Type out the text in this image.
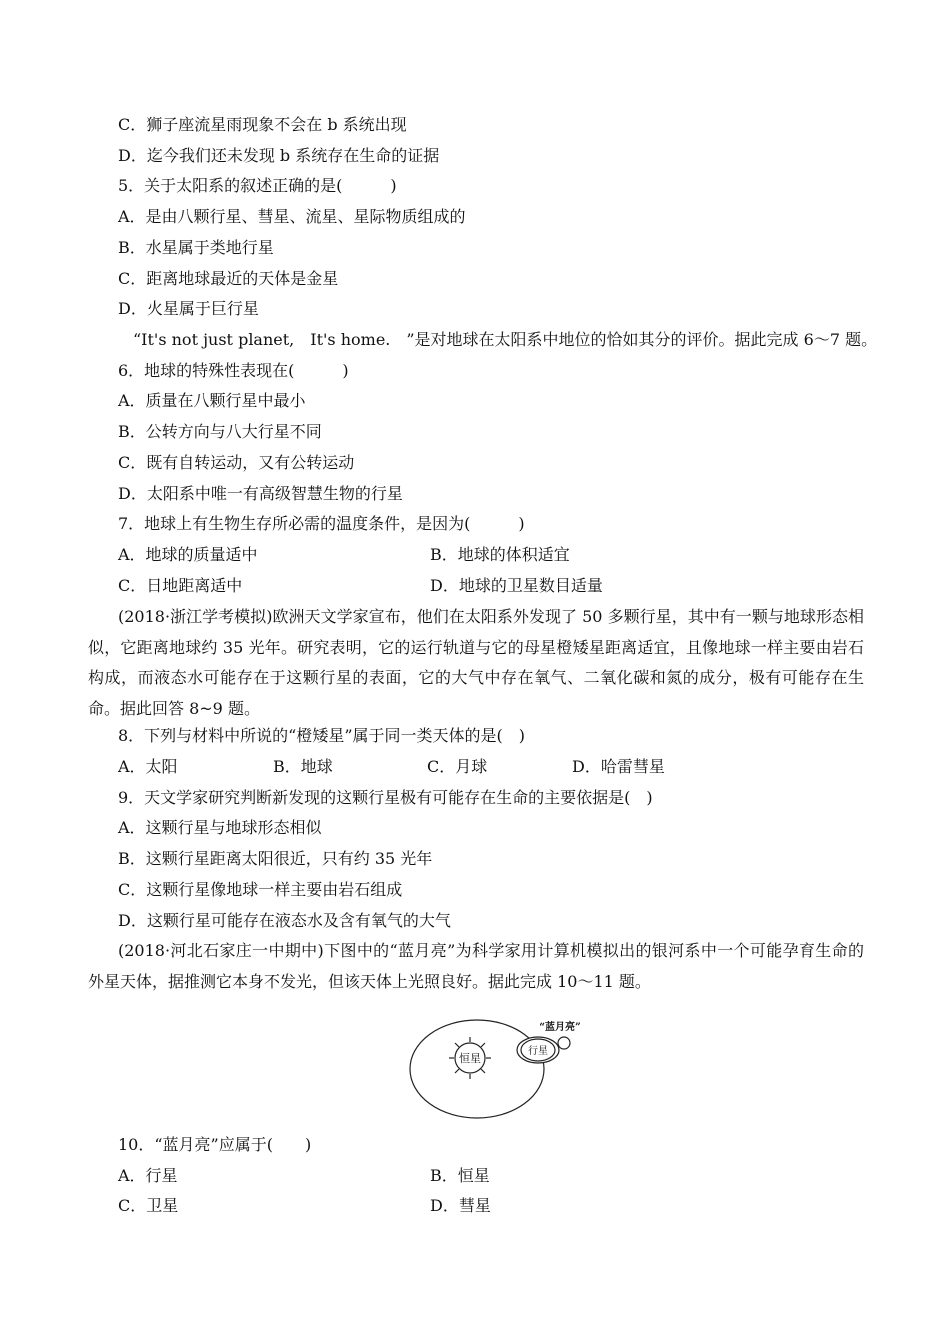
C．狮子座流星雨现象不会在 b 系统出现
D．迄今我们还未发现 b 系统存在生命的证据
5．关于太阳系的叙述正确的是(　　　)
A．是由八颗行星、彗星、流星、星际物质组成的
B．水星属于类地行星
C．距离地球最近的天体是金星
D．火星属于巨行星
“It's not just planet,　It's home.　”是对地球在太阳系中地位的恰如其分的评价。据此完成 6～7 题。
6．地球的特殊性表现在(　　　)
A．质量在八颗行星中最小
B．公转方向与八大行星不同
C．既有自转运动，又有公转运动
D．太阳系中唯一有高级智慧生物的行星
7．地球上有生物生存所必需的温度条件，是因为(　　　)
A．地球的质量适中	B．地球的体积适宜
C．日地距离适中	D．地球的卫星数目适量
(2018·浙江学考模拟)欧洲天文学家宣布，他们在太阳系外发现了 50 多颗行星，其中有一颗与地球形态相似，它距离地球约 35 光年。研究表明，它的运行轨道与它的母星橙矮星距离适宜，且像地球一样主要由岩石构成，而液态水可能存在于这颗行星的表面，它的大气中存在氧气、二氧化碳和氮的成分，极有可能存在生命。据此回答 8~9 题。
8．下列与材料中所说的“橙矮星”属于同一类天体的是(　)
A．太阳	B．地球	C．月球	D．哈雷彗星
9．天文学家研究判断新发现的这颗行星极有可能存在生命的主要依据是(　)
A．这颗行星与地球形态相似
B．这颗行星距离太阳很近，只有约 35 光年
C．这颗行星像地球一样主要由岩石组成
D．这颗行星可能存在液态水及含有氧气的大气
(2018·河北石家庄一中期中)下图中的“蓝月亮”为科学家用计算机模拟出的银河系中一个可能孕育生命的外星天体，据推测它本身不发光，但该天体上光照良好。据此完成 10～11 题。
恒星
行星
“蓝月亮”
10．“蓝月亮”应属于(　　)
A．行星	B．恒星
C．卫星	D．彗星
